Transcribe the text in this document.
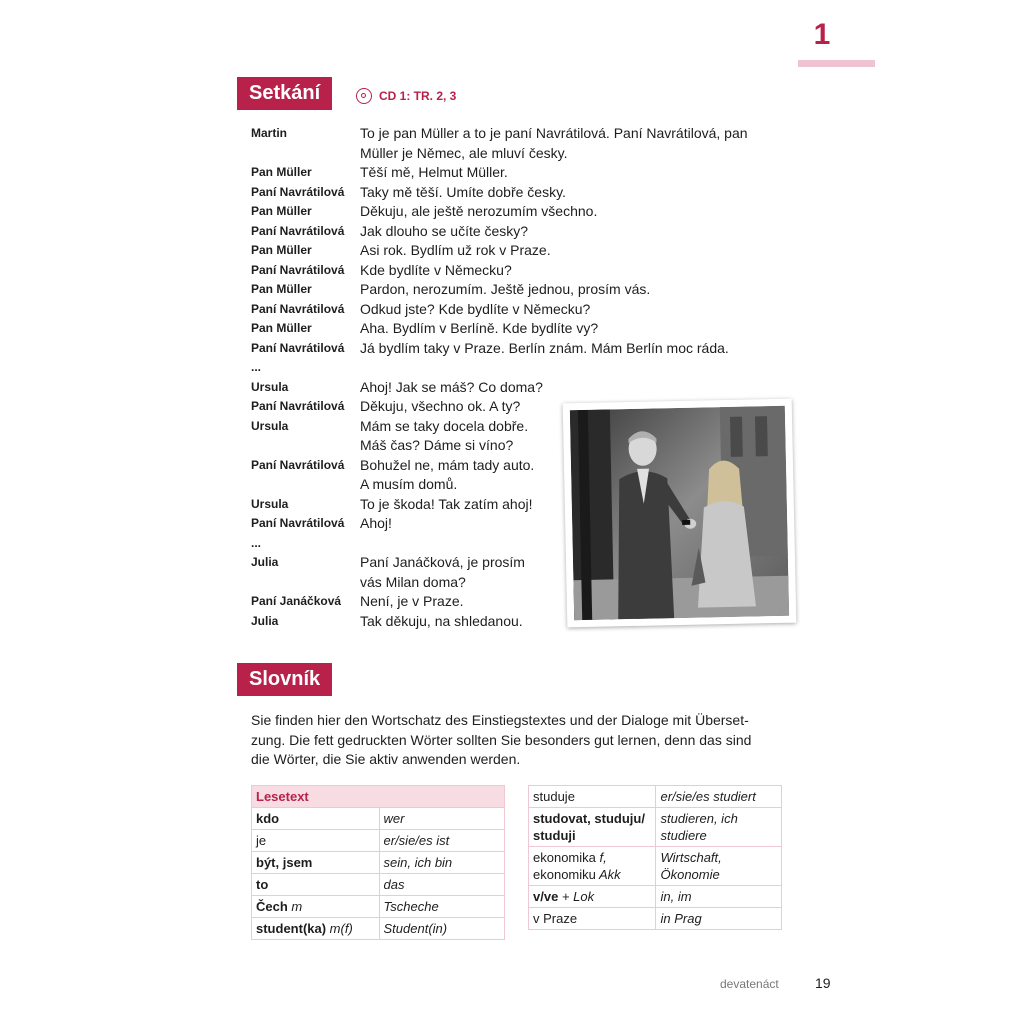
1
Setkání	CD 1: TR. 2, 3
Martin	To je pan Müller a to je paní Navrátilová. Paní Navrátilová, pan
Müller je Němec, ale mluví česky.
Pan Müller	Těší mě, Helmut Müller.
Paní Navrátilová	Taky mě těší. Umíte dobře česky.
Pan Müller	Děkuju, ale ještě nerozumím všechno.
Paní Navrátilová	Jak dlouho se učíte česky?
Pan Müller	Asi rok. Bydlím už rok v Praze.
Paní Navrátilová	Kde bydlíte v Německu?
Pan Müller	Pardon, nerozumím. Ještě jednou, prosím vás.
Paní Navrátilová	Odkud jste? Kde bydlíte v Německu?
Pan Müller	Aha. Bydlím v Berlíně. Kde bydlíte vy?
Paní Navrátilová	Já bydlím taky v Praze. Berlín znám. Mám Berlín moc ráda.
...
Ursula	Ahoj! Jak se máš? Co doma?
Paní Navrátilová	Děkuju, všechno ok. A ty?
Ursula	Mám se taky docela dobře.
Máš čas? Dáme si víno?
Paní Navrátilová	Bohužel ne, mám tady auto.
A musím domů.
Ursula	To je škoda! Tak zatím ahoj!
Paní Navrátilová	Ahoj!
...
Julia	Paní Janáčková, je prosím
vás Milan doma?
Paní Janáčková	Není, je v Praze.
Julia	Tak děkuju, na shledanou.
Slovník
Sie finden hier den Wortschatz des Einstiegstextes und der Dialoge mit Überset-
zung. Die fett gedruckten Wörter sollten Sie besonders gut lernen, denn das sind
die Wörter, die Sie aktiv anwenden werden.
Lesetext	
kdo	wer
je	er/sie/es ist
být, jsem	sein, ich bin
to	das
Čech m	Tscheche
student(ka) m(f)	Student(in)
studuje	er/sie/es studiert
studovat, studuju/ studuji	studieren, ich studiere
ekonomika f,
ekonomiku Akk	Wirtschaft, Ökonomie
v/ve + Lok	in, im
v Praze	in Prag
devatenáct	19
